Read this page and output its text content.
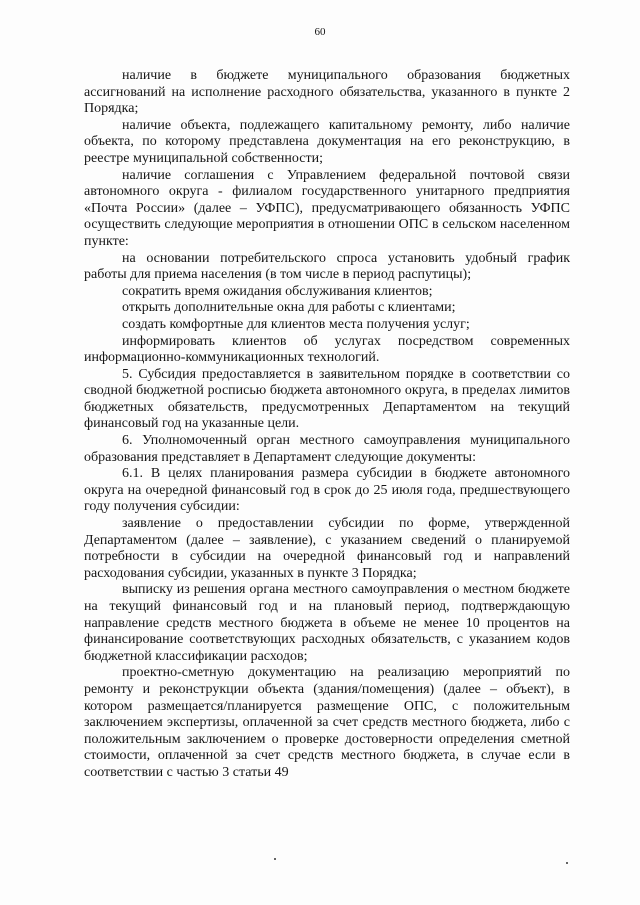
60

наличие в бюджете муниципального образования бюджетных ассигнований на исполнение расходного обязательства, указанного в пункте 2 Порядка;

наличие объекта, подлежащего капитальному ремонту, либо наличие объекта, по которому представлена документация на его реконструкцию, в реестре муниципальной собственности;

наличие соглашения с Управлением федеральной почтовой связи автономного округа - филиалом государственного унитарного предприятия «Почта России» (далее – УФПС), предусматривающего обязанность УФПС осуществить следующие мероприятия в отношении ОПС в сельском населенном пункте:

на основании потребительского спроса установить удобный график работы для приема населения (в том числе в период распутицы);

сократить время ожидания обслуживания клиентов;

открыть дополнительные окна для работы с клиентами;

создать комфортные для клиентов места получения услуг;

информировать клиентов об услугах посредством современных информационно-коммуникационных технологий.

5. Субсидия предоставляется в заявительном порядке в соответствии со сводной бюджетной росписью бюджета автономного округа, в пределах лимитов бюджетных обязательств, предусмотренных Департаментом на текущий финансовый год на указанные цели.

6. Уполномоченный орган местного самоуправления муниципального образования представляет в Департамент следующие документы:

6.1. В целях планирования размера субсидии в бюджете автономного округа на очередной финансовый год в срок до 25 июля года, предшествующего году получения субсидии:

заявление о предоставлении субсидии по форме, утвержденной Департаментом (далее – заявление), с указанием сведений о планируемой потребности в субсидии на очередной финансовый год и направлений расходования субсидии, указанных в пункте 3 Порядка;

выписку из решения органа местного самоуправления о местном бюджете на текущий финансовый год и на плановый период, подтверждающую направление средств местного бюджета в объеме не менее 10 процентов на финансирование соответствующих расходных обязательств, с указанием кодов бюджетной классификации расходов;

проектно-сметную документацию на реализацию мероприятий по ремонту и реконструкции объекта (здания/помещения) (далее – объект), в котором размещается/планируется размещение ОПС, с положительным заключением экспертизы, оплаченной за счет средств местного бюджета, либо с положительным заключением о проверке достоверности определения сметной стоимости, оплаченной за счет средств местного бюджета, в случае если в соответствии с частью 3 статьи 49
